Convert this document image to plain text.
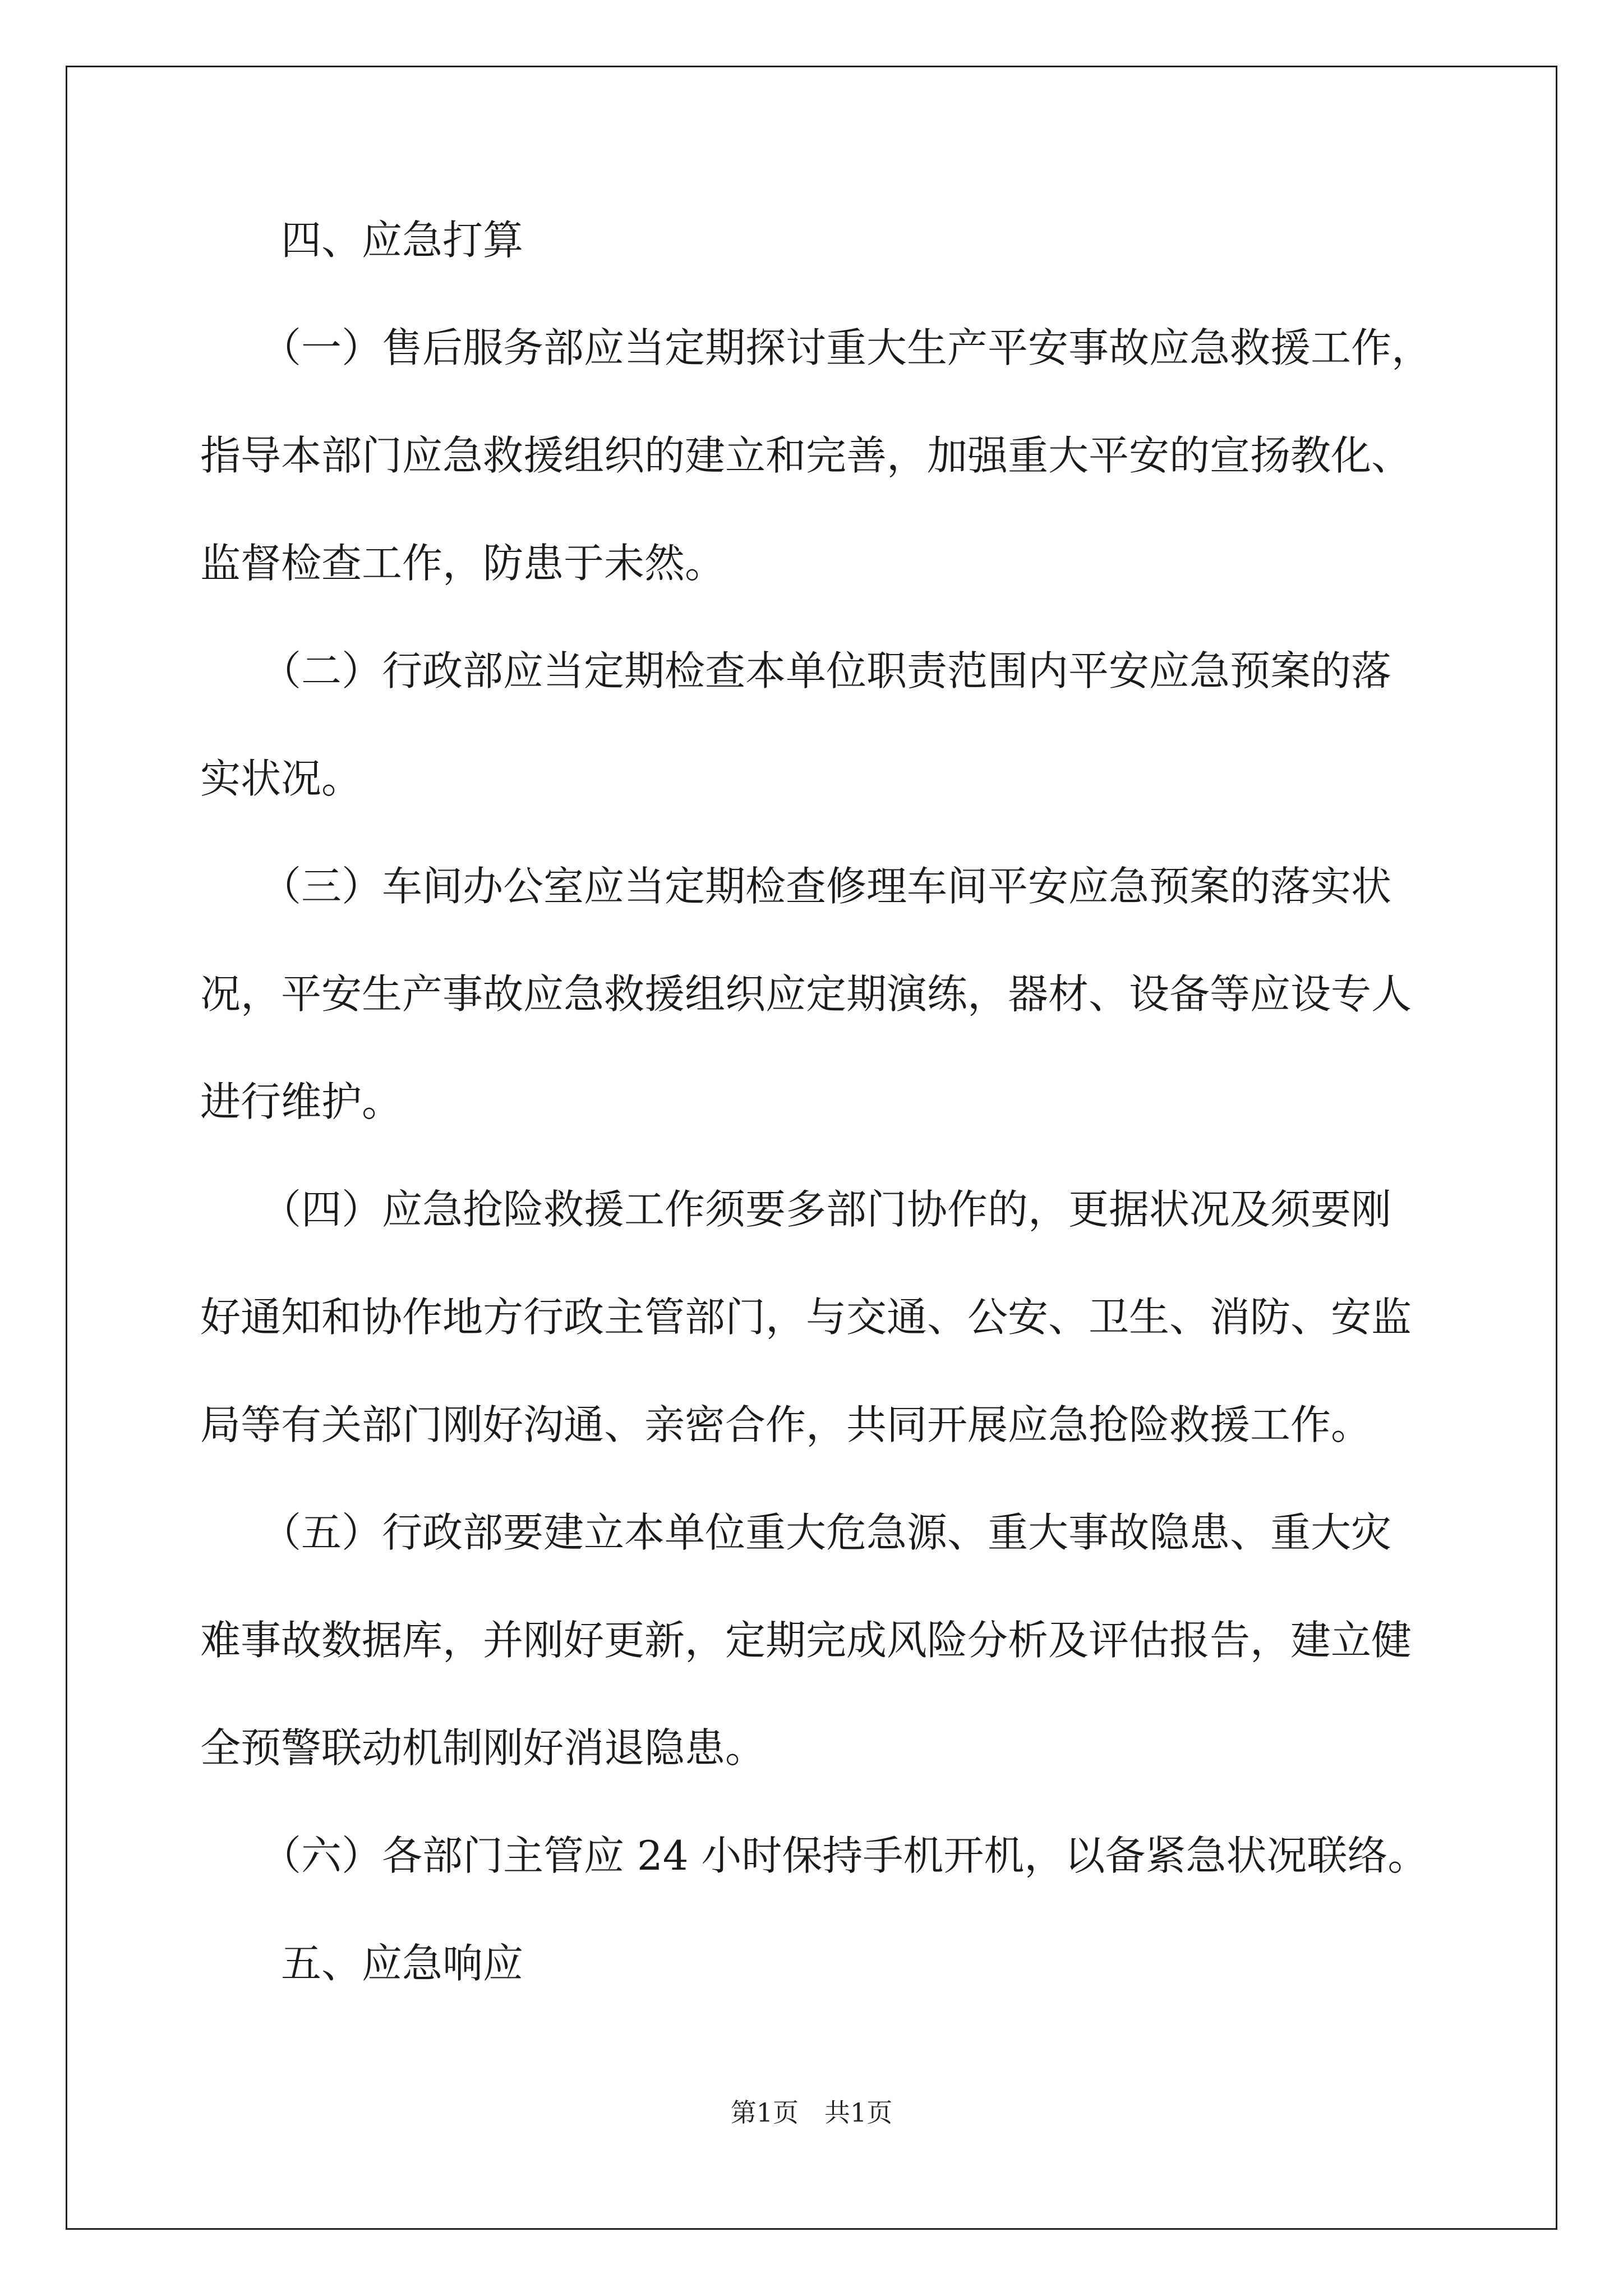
　　四、应急打算
　　（一）售后服务部应当定期探讨重大生产平安事故应急救援工作，
指导本部门应急救援组织的建立和完善，加强重大平安的宣扬教化、
监督检查工作，防患于未然。
　　（二）行政部应当定期检查本单位职责范围内平安应急预案的落
实状况。
　　（三）车间办公室应当定期检查修理车间平安应急预案的落实状
况，平安生产事故应急救援组织应定期演练，器材、设备等应设专人
进行维护。
　　（四）应急抢险救援工作须要多部门协作的，更据状况及须要刚
好通知和协作地方行政主管部门，与交通、公安、卫生、消防、安监
局等有关部门刚好沟通、亲密合作，共同开展应急抢险救援工作。
　　（五）行政部要建立本单位重大危急源、重大事故隐患、重大灾
难事故数据库，并刚好更新，定期完成风险分析及评估报告，建立健
全预警联动机制刚好消退隐患。
　　（六）各部门主管应 24 小时保持手机开机，以备紧急状况联络。
　　五、应急响应
第1页　共1页
